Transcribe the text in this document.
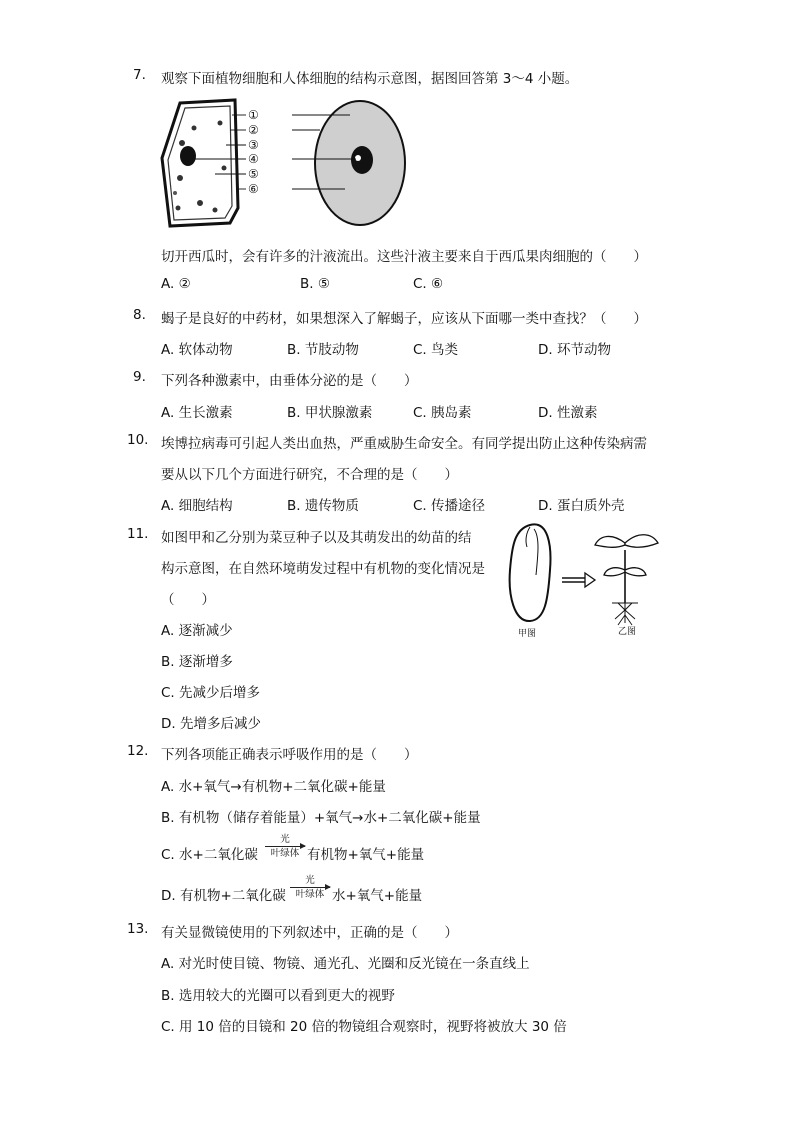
7. 观察下面植物细胞和人体细胞的结构示意图，据图回答第 3～4 小题。
①
②
③
④
⑤
⑥
切开西瓜时，会有许多的汁液流出。这些汁液主要来自于西瓜果肉细胞的（　　）
A. ②	B. ⑤	C. ⑥
8. 蝎子是良好的中药材，如果想深入了解蝎子，应该从下面哪一类中查找？（　　）
A. 软体动物	B. 节肢动物	C. 鸟类	D. 环节动物
9. 下列各种激素中，由垂体分泌的是（　　）
A. 生长激素	B. 甲状腺激素	C. 胰岛素	D. 性激素
10. 埃博拉病毒可引起人类出血热，严重威胁生命安全。有同学提出防止这种传染病需
要从以下几个方面进行研究，不合理的是（　　）
A. 细胞结构	B. 遗传物质	C. 传播途径	D. 蛋白质外壳
11. 如图甲和乙分别为菜豆种子以及其萌发出的幼苗的结
构示意图，在自然环境萌发过程中有机物的变化情况是
（　　）
A. 逐渐减少
B. 逐渐增多
C. 先减少后增多
D. 先增多后减少
甲图	乙图
12. 下列各项能正确表示呼吸作用的是（　　）
A. 水+氧气→有机物+二氧化碳+能量
B. 有机物（储存着能量）+氧气→水+二氧化碳+能量
C. 水+二氧化碳
光
叶绿体 有机物+氧气+能量
D. 有机物+二氧化碳
光
叶绿体 水+氧气+能量
13. 有关显微镜使用的下列叙述中，正确的是（　　）
A. 对光时使目镜、物镜、通光孔、光圈和反光镜在一条直线上
B. 选用较大的光圈可以看到更大的视野
C. 用 10 倍的目镜和 20 倍的物镜组合观察时，视野将被放大 30 倍
